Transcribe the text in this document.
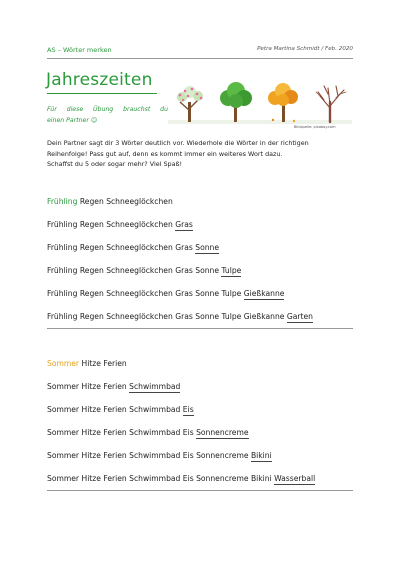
AS – Wörter merken	Petra Martina Schmidt / Feb. 2020
Jahreszeiten
Für diese Übung brauchst du
einen Partner ☺
Bildquelle: pixabay.com
Dein Partner sagt dir 3 Wörter deutlich vor. Wiederhole die Wörter in der richtigen
Reihenfolge! Pass gut auf, denn es kommt immer ein weiteres Wort dazu.
Schaffst du 5 oder sogar mehr? Viel Spaß!
Frühling Regen Schneeglöckchen
Frühling Regen Schneeglöckchen Gras
Frühling Regen Schneeglöckchen Gras Sonne
Frühling Regen Schneeglöckchen Gras Sonne Tulpe
Frühling Regen Schneeglöckchen Gras Sonne Tulpe Gießkanne
Frühling Regen Schneeglöckchen Gras Sonne Tulpe Gießkanne Garten
Sommer Hitze Ferien
Sommer Hitze Ferien Schwimmbad
Sommer Hitze Ferien Schwimmbad Eis
Sommer Hitze Ferien Schwimmbad Eis Sonnencreme
Sommer Hitze Ferien Schwimmbad Eis Sonnencreme Bikini
Sommer Hitze Ferien Schwimmbad Eis Sonnencreme Bikini Wasserball
